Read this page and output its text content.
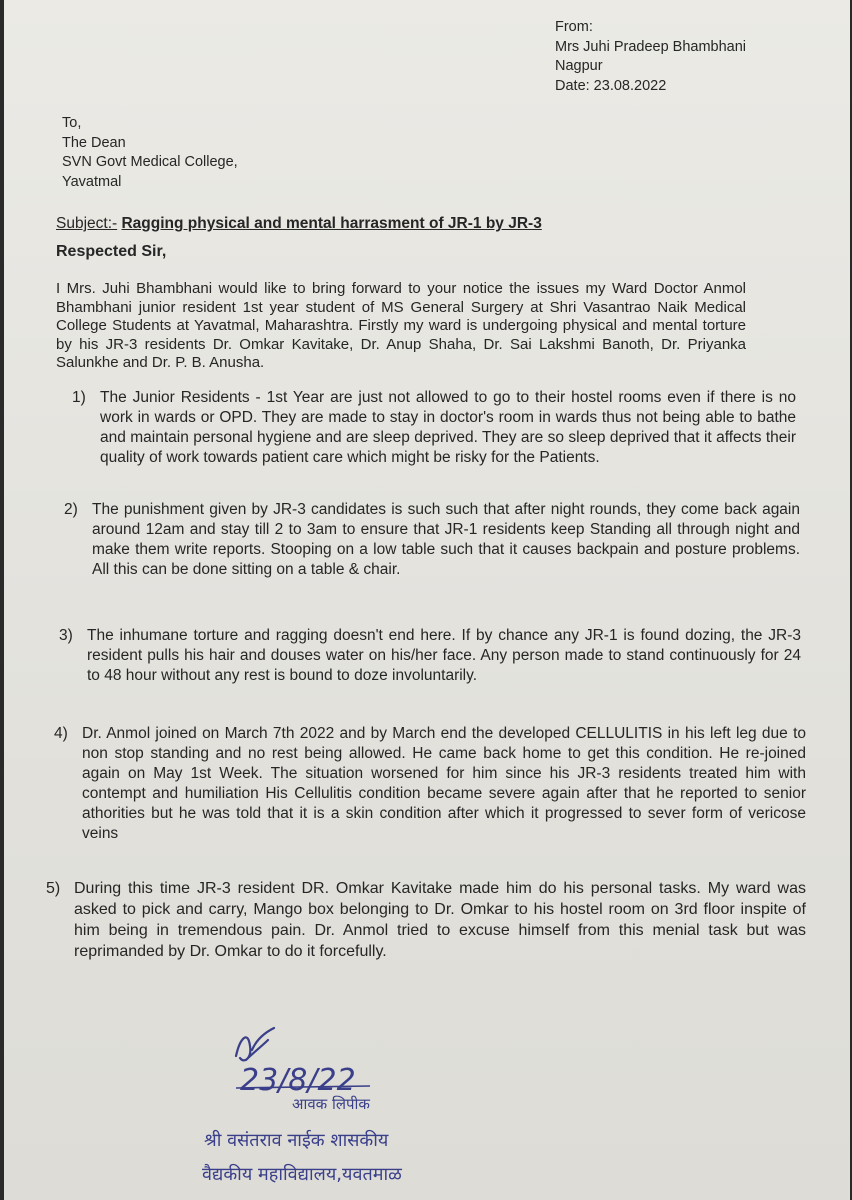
From:
Mrs Juhi Pradeep Bhambhani
Nagpur
Date: 23.08.2022
To,
The Dean
SVN Govt Medical College,
Yavatmal
Subject:- Ragging physical and mental harrasment of JR-1 by JR-3
Respected Sir,
I Mrs. Juhi Bhambhani would like to bring forward to your notice the issues my Ward Doctor Anmol Bhambhani junior resident 1st year student of MS General Surgery at Shri Vasantrao Naik Medical College Students at Yavatmal, Maharashtra. Firstly my ward is undergoing physical and mental torture by his JR-3 residents Dr. Omkar Kavitake, Dr. Anup Shaha, Dr. Sai Lakshmi Banoth, Dr. Priyanka Salunkhe and Dr. P. B. Anusha.
1) The Junior Residents - 1st Year are just not allowed to go to their hostel rooms even if there is no work in wards or OPD. They are made to stay in doctor's room in wards thus not being able to bathe and maintain personal hygiene and are sleep deprived. They are so sleep deprived that it affects their quality of work towards patient care which might be risky for the Patients.
2) The punishment given by JR-3 candidates is such such that after night rounds, they come back again around 12am and stay till 2 to 3am to ensure that JR-1 residents keep Standing all through night and make them write reports. Stooping on a low table such that it causes backpain and posture problems. All this can be done sitting on a table & chair.
3) The inhumane torture and ragging doesn't end here. If by chance any JR-1 is found dozing, the JR-3 resident pulls his hair and douses water on his/her face. Any person made to stand continuously for 24 to 48 hour without any rest is bound to doze involuntarily.
4) Dr. Anmol joined on March 7th 2022 and by March end the developed CELLULITIS in his left leg due to non stop standing and no rest being allowed. He came back home to get this condition. He re-joined again on May 1st Week. The situation worsened for him since his JR-3 residents treated him with contempt and humiliation His Cellulitis condition became severe again after that he reported to senior athorities but he was told that it is a skin condition after which it progressed to sever form of vericose veins
5) During this time JR-3 resident DR. Omkar Kavitake made him do his personal tasks. My ward was asked to pick and carry, Mango box belonging to Dr. Omkar to his hostel room on 3rd floor inspite of him being in tremendous pain. Dr. Anmol tried to excuse himself from this menial task but was reprimanded by Dr. Omkar to do it forcefully.
23/8/22
आवक लिपीक
श्री वसंतराव नाईक शासकीय
वैद्यकीय महाविद्यालय,यवतमाळ
